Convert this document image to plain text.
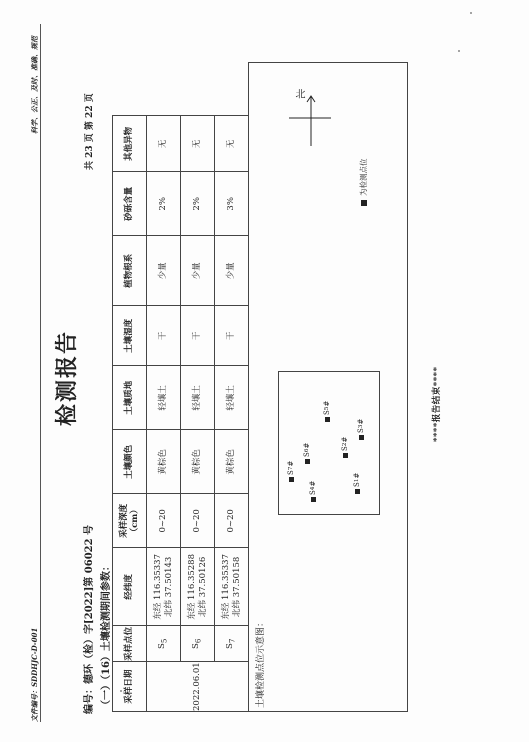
文件编号：SDDHJC-D-001
科学、公正、及时、准确、规范
检测报告
共 23 页 第 22 页
编号：德环（检）字[2022]第 06022 号 （一）（16）土壤检测期间参数： 采样日期	采样点位	经纬度	采样深度
（cm）	土壤颜色	土壤质地	土壤湿度	植物根系	砂砾含量	其他异物
2022.06.01	$S_5$	东经 116.35337
北纬 37.50143	0~20	黄棕色	轻壤土	干	少量	2%	无
	$S_6$	东经 116.35288
北纬 37.50126	0~20	黄棕色	轻壤土	干	少量	2%	无
	$S_7$	东经 116.35337
北纬 37.50158	0~20	黄棕色	轻壤土	干	少量	3%	无
土壤检测点位示意图：
S
1
#
S
2
#
S
3
#
S
4
#
S
5
#
S
6
#
S
7
#
北
为检测点位
****报告结束****
